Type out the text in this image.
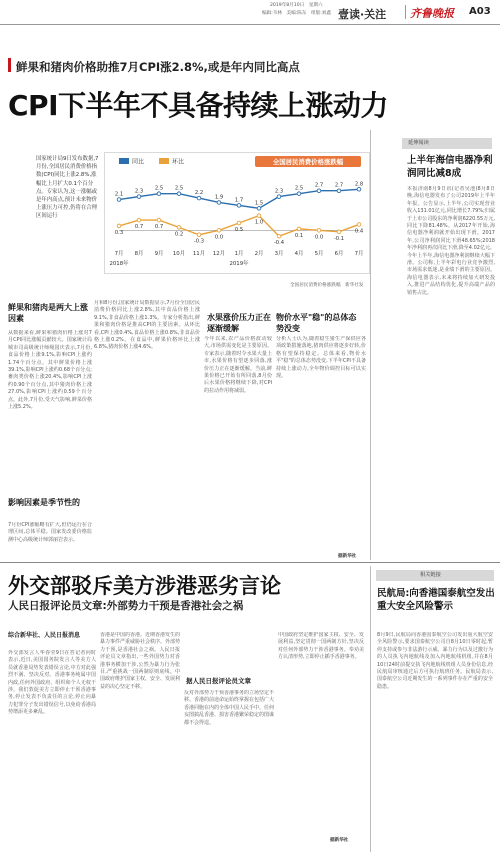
2019年8月10日　星期六
编辑:韦林　美编:陈东　组版:刘鑫 壹读·关注 齐鲁晚报 A03
鲜果和猪肉价格助推7月CPI涨2.8%,或是年内同比高点
CPI下半年不具备持续上涨动力
国家统计局9日发布数据,7月份,全国居民消费价格指数(CPI)同比上涨2.8%,涨幅比上月扩大0.1个百分点。专家认为,这一涨幅或是年内高点,预计未来物价上涨压力可控,仍将在合理区间运行
全国居民消费价格涨跌幅
同比	环比
2.1 2.3 2.5 2.5
2.2
1.9 1.7 1.5
2.3 2.5 2.7 2.7 2.8
0.3
0.7 0.7
0.2
-0.3
0.0
0.5
1.0
-0.4
0.1 0.0 -0.1
0.4
7月 8月 9月 10月 11月 12月 1月 2月 3月 4月 5月 6月 7月
2018年	2019年
全国居民消费价格涨跌幅　新华社发
鲜果和猪肉是两大上涨因素	水果涨价压力正在逐渐缓解
物价水平"稳"的总体态势没变
影响因素是季节性的
从数据来看,鲜果和猪肉价格上涨对7月CPI同比涨幅贡献较大。国家统计局城市司高级统计师绳国庆表示,7月份,食品价格上涨9.1%,影响CPI上涨约1.74个百分点。其中鲜果价格上涨39.1%,影响CPI上涨约0.68个百分点;畜肉类价格上涨20.4%,影响CPI上涨约0.90个百分点,其中猪肉价格上涨27.0%,影响CPI上涨约0.59个百分点。此外,7月份,受天气影响,鲜菜价格上涨5.2%。
7月份CPI涨幅略有扩大,但仍运行在合理区间,总体平稳。国家发改委价格监测中心高级统计师郭丽岩表示。
月和8月份,国家统计局数据显示,7月份全国居民消费价格同比上涨2.8%,其中食品价格上涨9.1%,非食品价格上涨1.3%。专家分析指出,鲜果和猪肉价格是推高CPI的主要因素。从环比看,CPI上涨0.4%,食品价格上涨0.8%,非食品价格上涨0.2%。在食品中,鲜果价格环比上涨6.8%,猪肉价格上涨4.6%。
今年以来,农产品价格波动较大,市场供需变化是主要原因。专家表示,随着时令水果大量上市,水果价格有望逐步回落,涨价压力正在逐渐缓解。当前,鲜果价格已开始有所回落,8月份后水果价格将继续下降,对CPI的拉动作用将减弱。
分析人士认为,随着稳生猪生产保供应各项政策措施落地,猪肉供应将逐步好转,价格有望保持稳定。总体来看,物价水平"稳"的总体态势没变,下半年CPI不具备持续上涨动力,全年物价调控目标可以实现。
据新华社
延伸阅读
上半年海信电器净利润同比减8成
本报济南8月9日讯(记者吴池)8月8日晚,海信电器发布了公司2019年上半年年报。公告显示,上半年,公司实现营业收入131.01亿元,同比增长7.79%;归属于上市公司股东的净利润6220.55万元,同比下降81.48%。从2017年开始,海信电器净利润就开始出现下滑。2017年,公司净利润同比下滑48.65%;2018年净利润再次同比下滑,降至4.02亿元。今年上半年,海信电器净利润继续大幅下滑。公司称,上半年彩电行业竞争激烈,市场需求低迷,是业绩下滑的主要原因。海信电器表示,未来将持续加大研发投入,推进产品结构优化,提升高端产品的销售占比。
外交部驳斥美方涉港恶劣言论
人民日报评论员文章:外部势力干预是香港社会之祸
综合新华社、人民日报消息
外交部发言人华春莹9日在答记者问时表示,近日,美国国务院发言人等美方人员就香港局势发表错误言论,中方对此强烈不满、坚决反对。香港事务纯属中国内政,任何外国政府、组织和个人无权干涉。我们敦促美方立即停止干预香港事务,停止发表不负责任的言论,停止向暴力犯罪分子发出错误信号,以免给香港局势增添更多紊乱。
香港是中国的香港。近期香港发生的暴力事件严重威胁社会秩序。外部势力干预,是香港社会之祸。人民日报评论员文章指出,一些外国势力对香港事务横加干涉,公然为暴力行为张目,严重挑战一国两制原则底线。中国政府维护国家主权、安全、发展利益的决心坚定不移。
据人民日报评论员文章
反对外部势力干预香港事务的立场坚定不移。香港的前途命运始终掌握在包括广大香港同胞在内的全体中国人民手中。任何妄图搞乱香港、损害香港繁荣稳定的图谋都不会得逞。
中国政府坚定维护国家主权、安全、发展利益,坚定贯彻一国两制方针,坚决反对任何外部势力干涉香港事务。奉劝美方认清形势,立即停止插手香港事务。
据新华社
相关链接
民航局:向香港国泰航空发出重大安全风险警示
8月9日,民航局向香港国泰航空公司发出重大航空安全风险警示,要求国泰航空公司自8月10日零时起,暂停支持或参与非法游行示威、暴力行为以及过激行为的人员执飞内地航线及加入内地航线机组,并在8月10日24时前提交执飞内地航线机组人员身份信息,经民航局审核通过后方可执行航班任务。民航局表示,国泰航空公司近期发生的一系列事件存在严重的安全隐患。
